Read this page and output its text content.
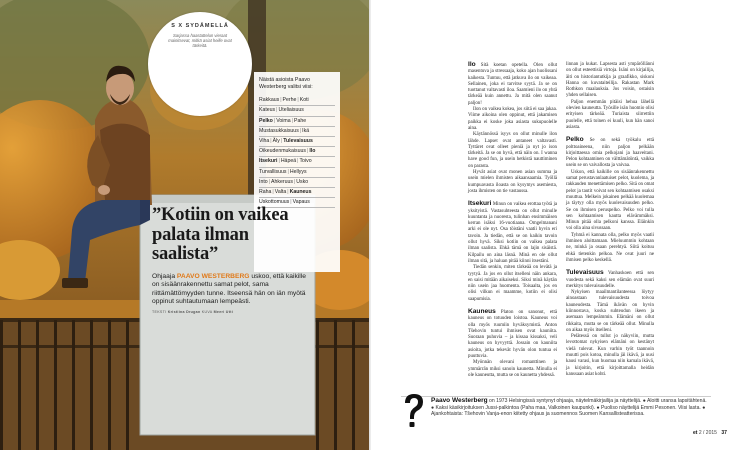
S X SYDÄMELLÄ
Sarjassa haastattelun vieraat mainitsevat, mitkä asiat heille ovat tärkeitä.

Näistä asioista Paavo Westerberg valitsi viisi:

Rakkaus|Perhe|Koti
Kateus|Uteliaisuus
Pelko|Voima|Pahe
Mustasukkaisuus|Ikä
Viha|Äly|Tulevaisuus
Oikeudenmukaisuus|Ilo
Itsekuri|Häpeä|Toivo
Turvallisuus|Hellyys
Into|Ahkeruus|Usko
Raha|Valta|Kauneus
Uskottomuus|Vapaus
”Kotiin on vaikea palata ilman saalista”

Ohjaaja PAAVO WESTERBERG uskoo, että kaikille on sisäänrakennettu samat pelot, sama riittämättömyyden tunne. Itseensä hän on iän myötä oppinut suhtautumaan lempeästi.

TEKSTI Kristiina Drugan KUVA Meeri Utti

Ilo Sitä koetan opetella. Olen ollut masentuva ja stressaaja, koko ajan huolissani kaikesta. Tuntuu, että jatkuva ilo on vaikeaa. Sellainen, joka ei tarvitse syytä. Ja se on tuottanut valtavasti iloa. Saamieni ilo on yhtä tärkeää kuin annettu. Ja mitä olen saanut paljon!

Ilon on vaikea kokea, jos siitä ei saa jakaa. Viime aikoina olen oppinut, että jakamisen paikka ei koske joka asiasta sukupuolelle aina.

Käytännössä isyys on ollut minulle ilon lähde. Lapset ovat antaneet valtavasti. Tyttäret ovat olleet pieniä ja nyt jo ison tärkeitä. Ja se on hyvä, että näin on. I wanna have good fun, ja usein hetkistä nauttiminen on parasta.

Hyvät asiat ovat monen asian summa ja usein mielen ihmisten aikaansaamia. Työllä kumpuavasta iloasta on kysymys asemiesta, josta ihmisten on tie vastaussa.

Itsekuri Minun on vaikea erottaa työtä ja yksityistä. Vastasuhteesta on ollut minulle kuuntanta ja nuoresta, tulinhan ensimmäisen kerran isäksi 16-vuotiaana. Omgelmanani arki ei ole nyt. Osa töistäni vaatii hyvin eri tavoin. Ja tiedän, että se on kaikin tavoin ollut hyvä. Siksi kotiin on vaikea palata ilman saalista. Ehkä tämä on lajin sisäistä. Kilpailu on aina läsnä. Minä en ole ollut ilman sitä, ja haluan pitää kiinni itsestäni.

Tiedän senkin, miten tärkeää on levätä ja tyytyä. Ja jos en ollut itselleni näin ankara, en saisi mitään aikaiseksi. Siksi minä käytän niin usein jaa huomenta. Toisaalta, jos en olisi vilkun ei maamme, kotiin ei olisi saapumisia.

Kauneus Platon on sanonut, että kauneus on totuuden loistoa. Kauneus voi olla myös ruumiin hyväksymistä. Anton Tšehovin tuntui ihmisen ovat kauniita. Suoraan puhuvia – ja kissaa kissaksi, veli kauneus on hyvyyttä. Jossain on kauniita asioita, jotka tekevät hyvän olon tuntua ei puuttuvia.

Myönnän olevani romanttinen ja ymmärrän miksi sanoin kaunetta. Minulla ei ole kauneutta, mutta se on kaunetta yhdessä.

linnan ja kukat. Lapsesta asti ympäröllänni on ollut esteettisiä virtoja. Isäni on kirjailija, äiti on historiantutkija ja graafikko, siskoni Hanna on kuvataiteilija. Rakastan Mark Rothkon maalauksia. Jos voisin, ostaisin yhden sellaisen.

Paljon enemmän pitäisi hehua lähellä olevien kauneutta. Työsille isän huomio olisi erityisen tärkeää. Turiaista siirrettiin puolelle, että toinen ei kuuli, kun hän sanoi asiasta.

Pelko Se on sekä työkalu että polttoaineena, niin paljon pelkään kirjoittaessa omia pelkojani ja haaveitani. Pelon kohtaaminen on välttämätöntä, vaikka usein se on vaivallosta ja vaivaa.

Uskon, että kaikille on sisäänrakennettu samat perustavanlaatuiset pelot, kuolema, ja rakkauden menettämisen pelko. Sitä on omat pelot ja tautit voivat sen kohtaamisen osaksi muuttua. Melkein jokainen pelkää kuolemaa ja täytyy olla myös kuolevaisuuden pelko. Se on ihmisen peruspelko. Pelko voi tulla sen kohtaamisen kautta elävämmäksi. Minun pitää olla pelkoni kanssa. Eläinkin voi olla aina sivussaan.

Tyhmä ei kannata olla, pelko myös vaatii ihminen aloittamaan. Mieluummin kohtaan ne, minkä ja osaan perehtyä. Siitä koituu ehkä tietenkin pelkoa. Ne ovat juuri ne ihmisen pelko keskellä.

Tulevaisuus Vanhaskoen että sen vuodesta sekä kaksi sen elämän ovat suuri merkitys tulevaisuudelle.

Nykyisen maailmantilanteessa löytyy ainoastaan tulevaisuudesta toivoa kauneudesta. Tämä ikävän on hyvin kiinnostava, koska suhteudun ikeen ja asemaan lempeämmin. Elämäni on ollut rikkaita, mutta se on tärkeää ollut. Minulla on aikaa myös itselleni.

Pelätessä on tullut jo näkyviin, mutta levottomat nykyisen elämäni on kestänyt vielä tulevat. Kun varhin työt taannoin muutti pois kotoa, minulla jäi ikävä, ja uusi kausi varasi, kun huomaa niin kamala ikävä, ja kirjoitin, että kirjoittamalla heidän kanssaan asiat kohti.

Paavo Westerberg on 1973 Helsingissä syntynyt ohjaaja, näytelmäkirjailija ja näyttelijä. ● Aloitti uransa lapsitähtenä. ● Kaksi käsikirjoituksen Jussi-palkintoa (Paha maa, Valkoinen kaupunki). ● Puoliso näyttelijä Emmi Pesonen. Viisi lasta. ● Ajankohtaista: Tšehovin Vanja-enon kiitetty ohjaus ja suomennos Suomen Kansallisteatterissa.
et 2 / 2015 37
